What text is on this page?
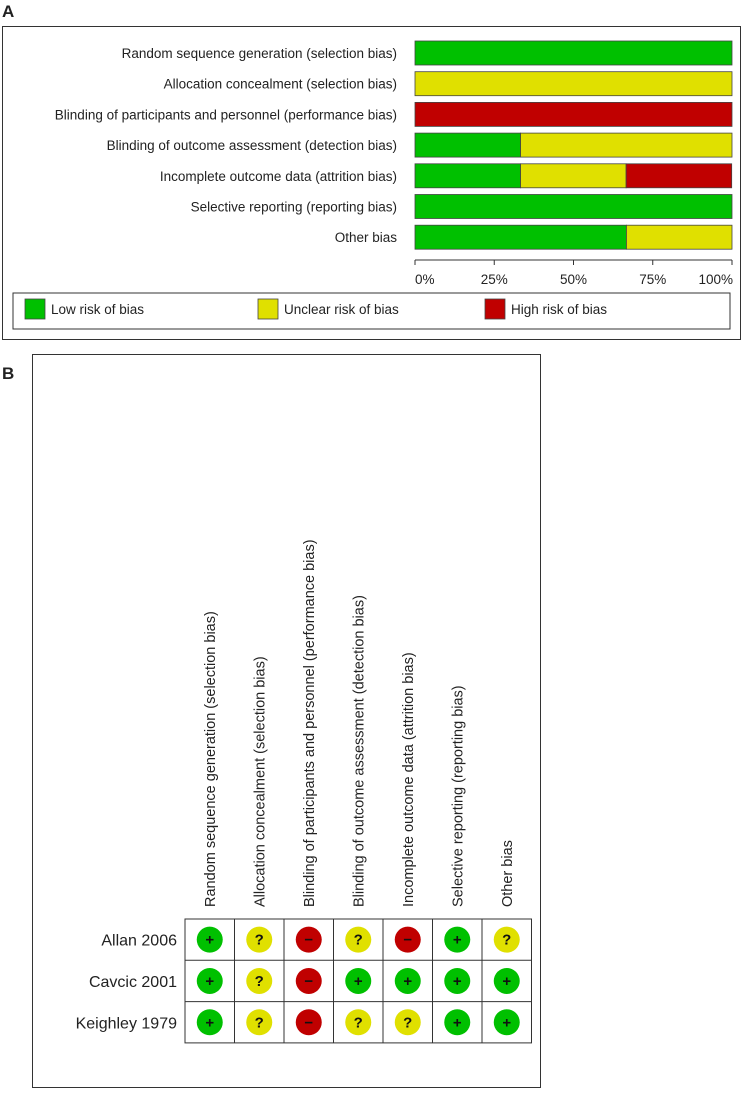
A
Random sequence generation (selection bias)
Allocation concealment (selection bias)
Blinding of participants and personnel (performance bias)
Blinding of outcome assessment (detection bias)
Incomplete outcome data (attrition bias)
Selective reporting (reporting bias)
Other bias
0%	25%	50%	75% 100%
Low risk of bias	Unclear risk of bias	High risk of bias
B
Random sequence generation (selection bias) Allocation concealment (selection bias) Blinding of participants and personnel (performance bias) Blinding of outcome assessment (detection bias) Incomplete outcome data (attrition bias) Selective reporting (reporting bias) Other bias
Allan 2006 +	?	−	?	−	+	?
Cavcic 2001 +	?	−	+	+	+	+
Keighley 1979 +	?	−	?	?	+	+
